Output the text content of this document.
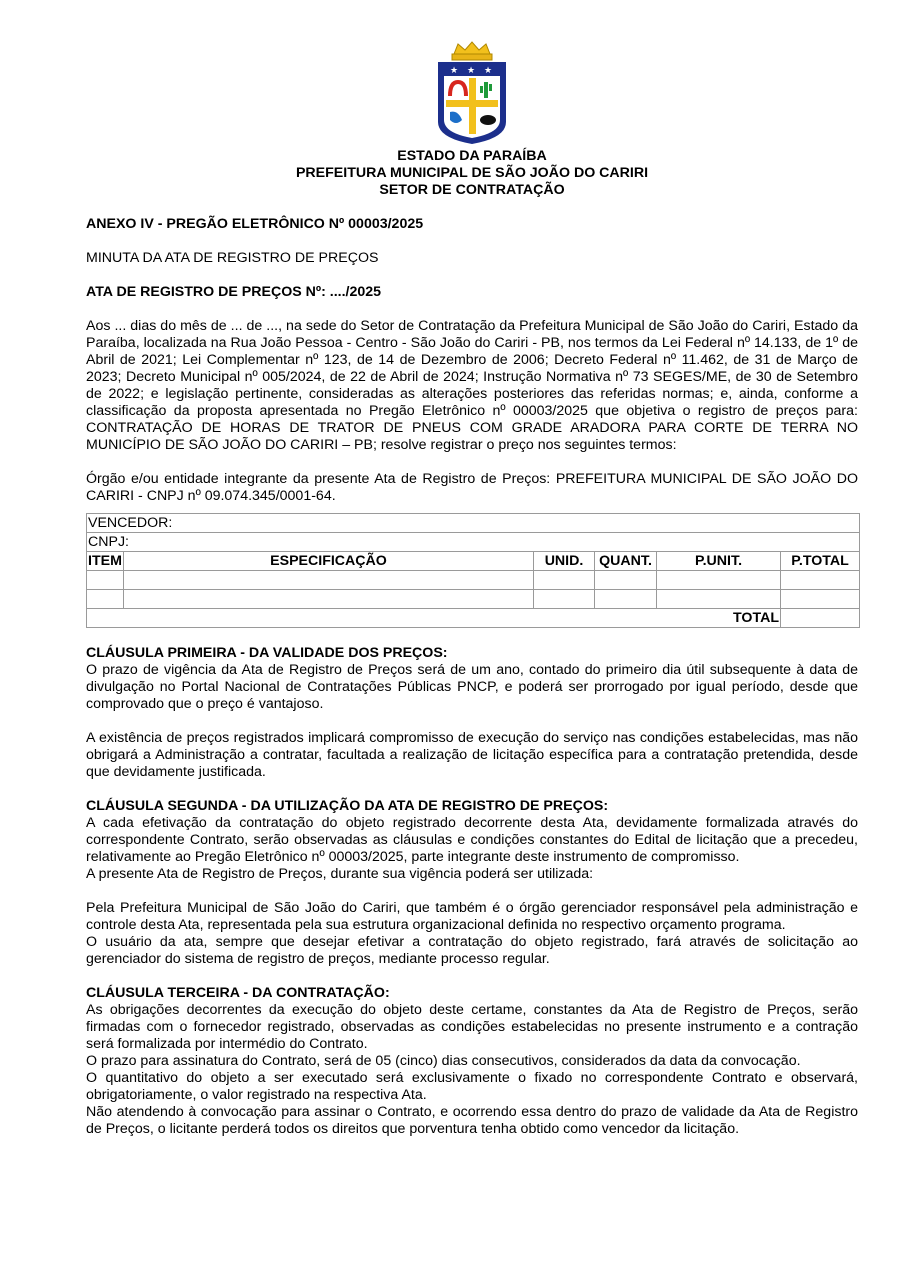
★ ★ ★
ESTADO DA PARAÍBA
PREFEITURA MUNICIPAL DE SÃO JOÃO DO CARIRI
SETOR DE CONTRATAÇÃO

ANEXO IV - PREGÃO ELETRÔNICO Nº 00003/2025

MINUTA DA ATA DE REGISTRO DE PREÇOS

ATA DE REGISTRO DE PREÇOS Nº: ..../2025

Aos ... dias do mês de ... de ..., na sede do Setor de Contratação da Prefeitura Municipal de São João do Cariri, Estado da Paraíba, localizada na Rua João Pessoa - Centro - São João do Cariri - PB, nos termos da Lei Federal nº 14.133, de 1º de Abril de 2021; Lei Complementar nº 123, de 14 de Dezembro de 2006; Decreto Federal nº 11.462, de 31 de Março de 2023; Decreto Municipal nº 005/2024, de 22 de Abril de 2024; Instrução Normativa nº 73 SEGES/ME, de 30 de Setembro de 2022; e legislação pertinente, consideradas as alterações posteriores das referidas normas; e, ainda, conforme a classificação da proposta apresentada no Pregão Eletrônico nº 00003/2025 que objetiva o registro de preços para: CONTRATAÇÃO DE HORAS DE TRATOR DE PNEUS COM GRADE ARADORA PARA CORTE DE TERRA NO MUNICÍPIO DE SÃO JOÃO DO CARIRI – PB; resolve registrar o preço nos seguintes termos:

Órgão e/ou entidade integrante da presente Ata de Registro de Preços: PREFEITURA MUNICIPAL DE SÃO JOÃO DO CARIRI - CNPJ nº 09.074.345/0001-64.

VENCEDOR:					
CNPJ:					
ITEM	ESPECIFICAÇÃO	UNID.	QUANT.	P.UNIT.	P.TOTAL

TOTAL					

CLÁUSULA PRIMEIRA - DA VALIDADE DOS PREÇOS:

O prazo de vigência da Ata de Registro de Preços será de um ano, contado do primeiro dia útil subsequente à data de divulgação no Portal Nacional de Contratações Públicas PNCP, e poderá ser prorrogado por igual período, desde que comprovado que o preço é vantajoso.

A existência de preços registrados implicará compromisso de execução do serviço nas condições estabelecidas, mas não obrigará a Administração a contratar, facultada a realização de licitação específica para a contratação pretendida, desde que devidamente justificada.

CLÁUSULA SEGUNDA - DA UTILIZAÇÃO DA ATA DE REGISTRO DE PREÇOS:

A cada efetivação da contratação do objeto registrado decorrente desta Ata, devidamente formalizada através do correspondente Contrato, serão observadas as cláusulas e condições constantes do Edital de licitação que a precedeu, relativamente ao Pregão Eletrônico nº 00003/2025, parte integrante deste instrumento de compromisso.

A presente Ata de Registro de Preços, durante sua vigência poderá ser utilizada:

Pela Prefeitura Municipal de São João do Cariri, que também é o órgão gerenciador responsável pela administração e controle desta Ata, representada pela sua estrutura organizacional definida no respectivo orçamento programa.

O usuário da ata, sempre que desejar efetivar a contratação do objeto registrado, fará através de solicitação ao gerenciador do sistema de registro de preços, mediante processo regular.

CLÁUSULA TERCEIRA - DA CONTRATAÇÃO:

As obrigações decorrentes da execução do objeto deste certame, constantes da Ata de Registro de Preços, serão firmadas com o fornecedor registrado, observadas as condições estabelecidas no presente instrumento e a contração será formalizada por intermédio do Contrato.

O prazo para assinatura do Contrato, será de 05 (cinco) dias consecutivos, considerados da data da convocação.

O quantitativo do objeto a ser executado será exclusivamente o fixado no correspondente Contrato e observará, obrigatoriamente, o valor registrado na respectiva Ata.

Não atendendo à convocação para assinar o Contrato, e ocorrendo essa dentro do prazo de validade da Ata de Registro de Preços, o licitante perderá todos os direitos que porventura tenha obtido como vencedor da licitação.
